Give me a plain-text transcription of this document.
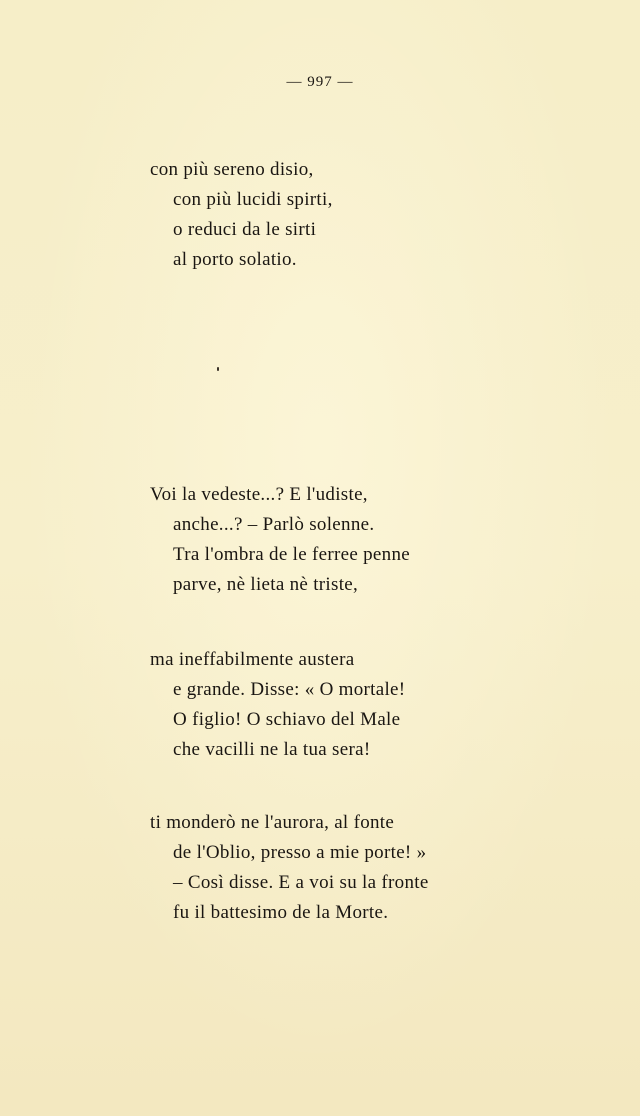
— 997 —
con più sereno disio,
con più lucidi spirti,
o reduci da le sirti
al porto solatio.
Voi la vedeste...? E l'udiste,
anche...? – Parlò solenne.
Tra l'ombra de le ferree penne
parve, nè lieta nè triste,
ma ineffabilmente austera
e grande. Disse: « O mortale!
O figlio! O schiavo del Male
che vacilli ne la tua sera!
ti monderò ne l'aurora, al fonte
de l'Oblio, presso a mie porte! »
– Così disse. E a voi su la fronte
fu il battesimo de la Morte.
